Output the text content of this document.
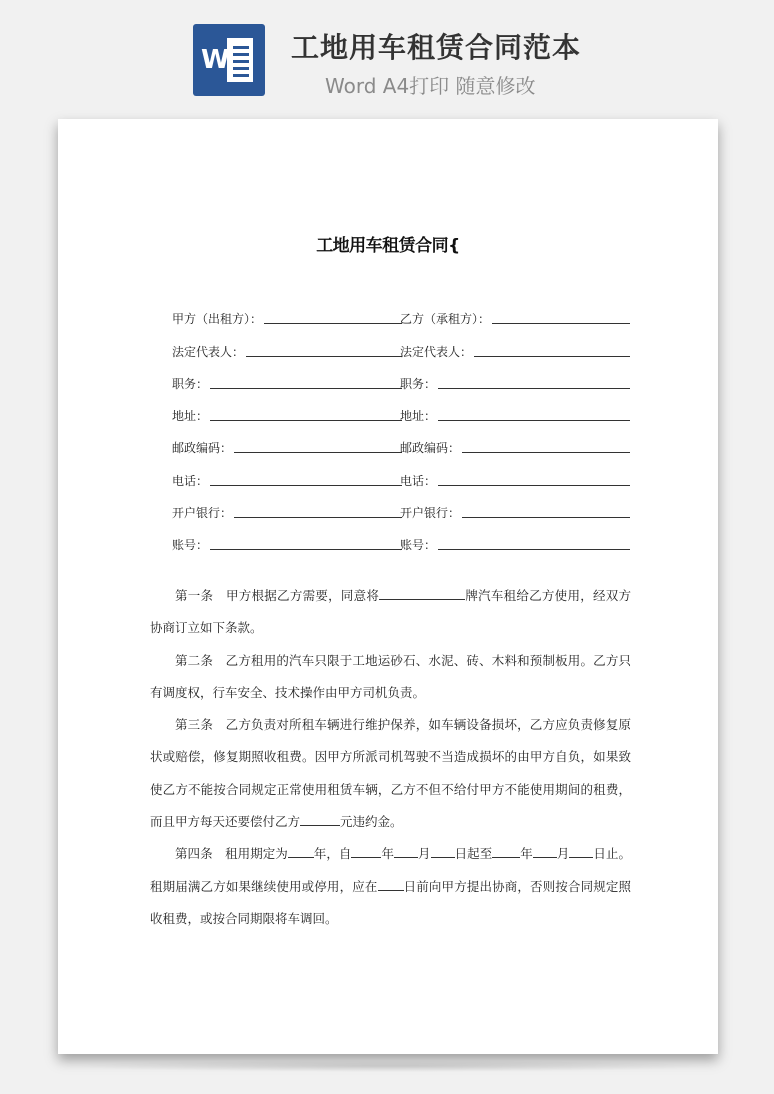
W 工地用车租赁合同范本
Word A4打印 随意修改
工地用车租赁合同{
甲方（出租方）：
法定代表人：
职务：
地址：
邮政编码：
电话：
开户银行：
账号：
乙方（承租方）：
法定代表人：
职务：
地址：
邮政编码：
电话：
开户银行：
账号：

第一条　甲方根据乙方需要，同意将	牌汽车租给乙方使用，经双方协商订立如下条款。

第二条　乙方租用的汽车只限于工地运砂石、水泥、砖、木料和预制板用。乙方只有调度权，行车安全、技术操作由甲方司机负责。

第三条　乙方负责对所租车辆进行维护保养，如车辆设备损坏，乙方应负责修复原状或赔偿，修复期照收租费。因甲方所派司机驾驶不当造成损坏的由甲方自负，如果致使乙方不能按合同规定正常使用租赁车辆，乙方不但不给付甲方不能使用期间的租费，而且甲方每天还要偿付乙方	元违约金。

第四条　租用期定为 年，自 年 月 日起至 年 月 日止。租期届满乙方如果继续使用或停用，应在 日前向甲方提出协商，否则按合同规定照收租费，或按合同期限将车调回。
